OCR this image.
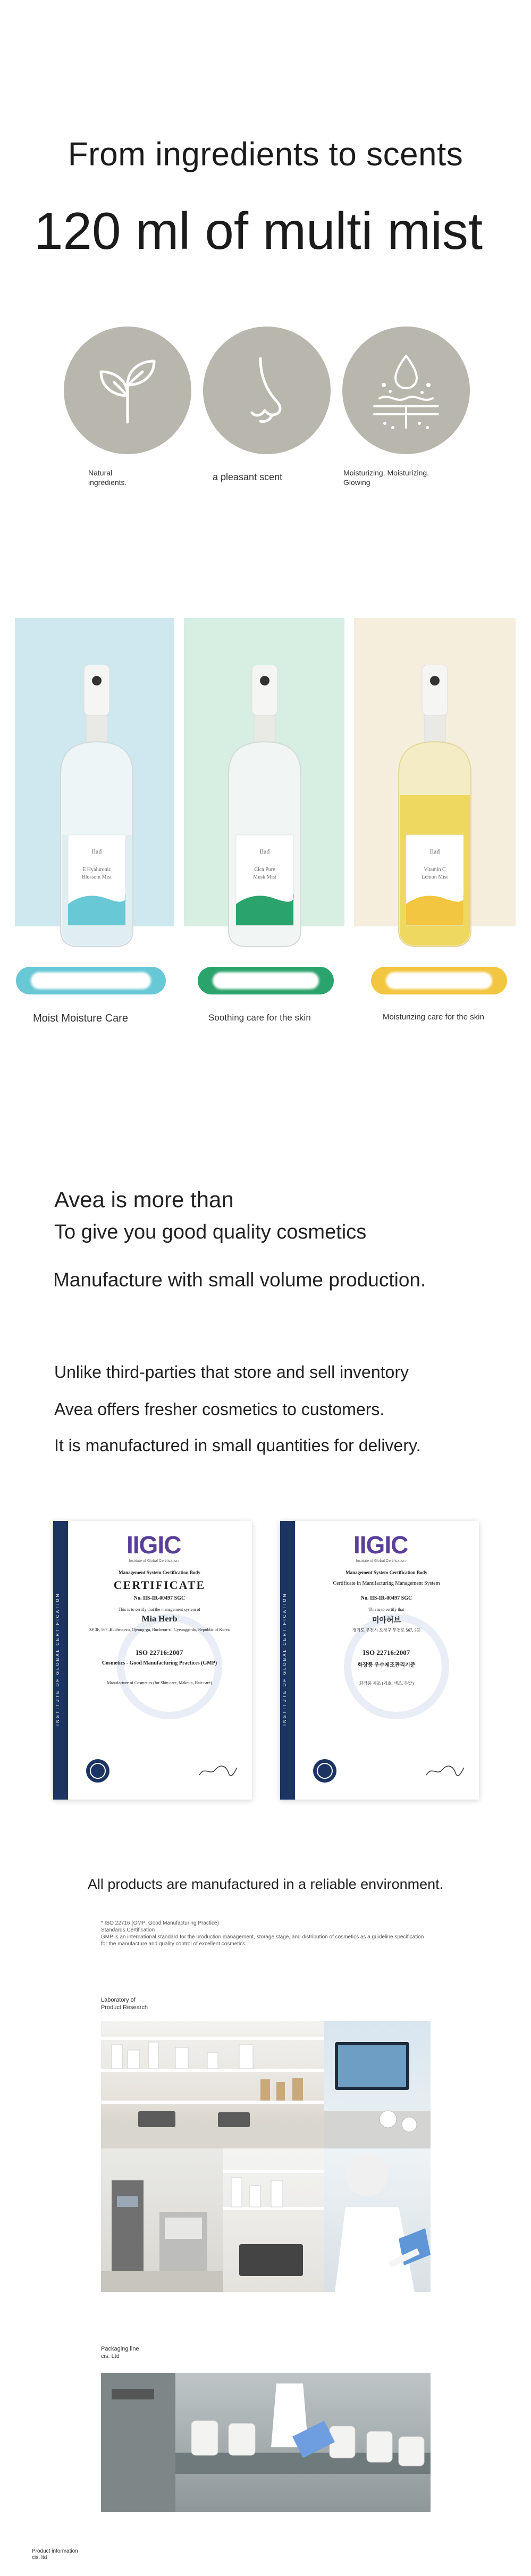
From ingredients to scents
120 ml of multi mist
Natural
ingredients.	a pleasant scent	Moisturizing. Moisturizing.
Glowing
Ilad
E Hyaluronic
Blossom Mist
Ilad
Cica Pure
Musk Mist
Ilad
Vitamin C
Lemon Mist
Moist Moisture Care	Soothing care for the skin	Moisturizing care for the skin
Avea is more than
To give you good quality cosmetics
Manufacture with small volume production.
Unlike third-parties that store and sell inventory
Avea offers fresher cosmetics to customers.
It is manufactured in small quantities for delivery.
INSTITUTE OF GLOBAL CERTIFICATION
IIGIC
Institute of Global Certification
Management System Certification Body
CERTIFICATE
No. IIS-IR-00497 SGC
This is to certify that the management system of
Mia Herb
3F 3F, 567 ,Bucheon-ro, Ojeong-gu, Bucheon-si, Gyeonggi-do, Republic of Korea
ISO 22716:2007
Cosmetics - Good Manufacturing Practices (GMP)
Manufacture of Cosmetics (for Skin care, Makeup, Hair care)	INSTITUTE OF GLOBAL CERTIFICATION
IIGIC
Institute of Global Certification
Management System Certification Body
Certificate in Manufacturing Management System
No. IIS-IR-00497 SGC
This is to certify that
미아허브
경기도 부천시 오정구 부천로 567, 3층
ISO 22716:2007
화장품 우수제조관리기준
화장품 제조 (기초, 색조, 두발)
All products are manufactured in a reliable environment.
* ISO 22716 (GMP: Good Manufacturing Practice)
Standards Certification
GMP is an international standard for the production management, storage stage, and distribution of cosmetics as a guideline specification for the manufacture and quality control of excellent cosmetics.
Laboratory of
Product Research
Packaging line
cis. Ltd
Product information
cis. ltd
